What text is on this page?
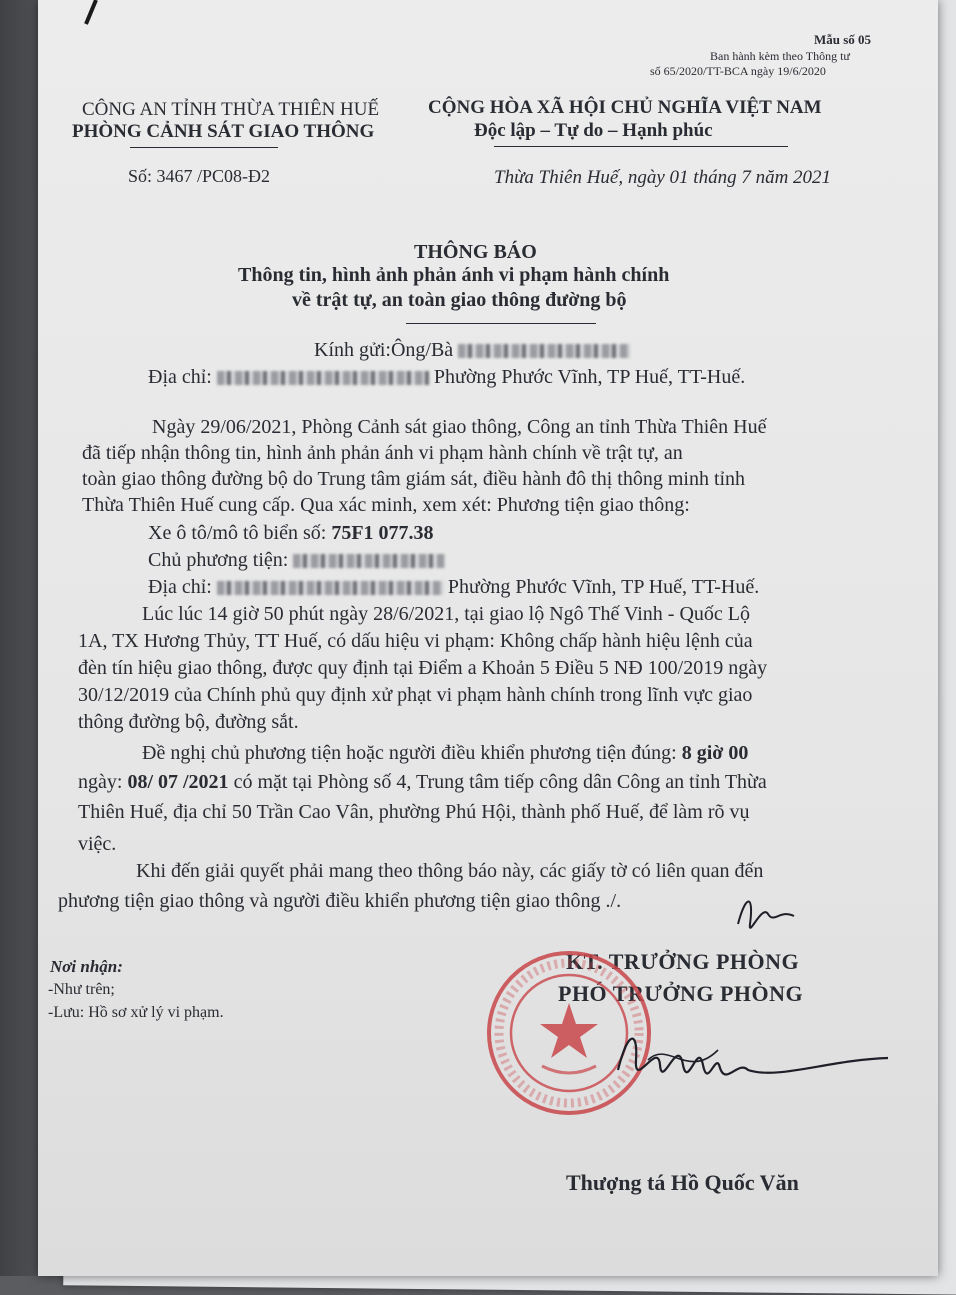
Mẫu số 05
Ban hành kèm theo Thông tư
số 65/2020/TT-BCA ngày 19/6/2020
CÔNG AN TỈNH THỪA THIÊN HUẾ
PHÒNG CẢNH SÁT GIAO THÔNG
Số: 3467 /PC08-Đ2
CỘNG HÒA XÃ HỘI CHỦ NGHĨA VIỆT NAM
Độc lập – Tự do – Hạnh phúc
Thừa Thiên Huế, ngày 01 tháng 7 năm 2021
THÔNG BÁO
Thông tin, hình ảnh phản ánh vi phạm hành chính
về trật tự, an toàn giao thông đường bộ
Kính gửi:Ông/Bà
Địa chỉ:	Phường Phước Vĩnh, TP Huế, TT-Huế.
Ngày 29/06/2021, Phòng Cảnh sát giao thông, Công an tỉnh Thừa Thiên Huế
đã tiếp nhận thông tin, hình ảnh phản ánh vi phạm hành chính về trật tự, an
toàn giao thông đường bộ do Trung tâm giám sát, điều hành đô thị thông minh tỉnh
Thừa Thiên Huế cung cấp. Qua xác minh, xem xét: Phương tiện giao thông:
Xe ô tô/mô tô biển số: 75F1 077.38
Chủ phương tiện:
Địa chỉ:	Phường Phước Vĩnh, TP Huế, TT-Huế.
Lúc lúc 14 giờ 50 phút ngày 28/6/2021, tại giao lộ Ngô Thế Vinh - Quốc Lộ
1A, TX Hương Thủy, TT Huế, có dấu hiệu vi phạm: Không chấp hành hiệu lệnh của
đèn tín hiệu giao thông, được quy định tại Điểm a Khoản 5 Điều 5 NĐ 100/2019 ngày
30/12/2019 của Chính phủ quy định xử phạt vi phạm hành chính trong lĩnh vực giao
thông đường bộ, đường sắt.
Đề nghị chủ phương tiện hoặc người điều khiển phương tiện đúng: 8 giờ 00
ngày: 08/ 07 /2021 có mặt tại Phòng số 4, Trung tâm tiếp công dân Công an tỉnh Thừa
Thiên Huế, địa chỉ 50 Trần Cao Vân, phường Phú Hội, thành phố Huế, để làm rõ vụ
việc.
Khi đến giải quyết phải mang theo thông báo này, các giấy tờ có liên quan đến
phương tiện giao thông và người điều khiển phương tiện giao thông ./.
Nơi nhận:
-Như trên;
-Lưu: Hồ sơ xử lý vi phạm.
KT. TRƯỞNG PHÒNG
PHÓ TRƯỞNG PHÒNG
Thượng tá Hồ Quốc Văn
